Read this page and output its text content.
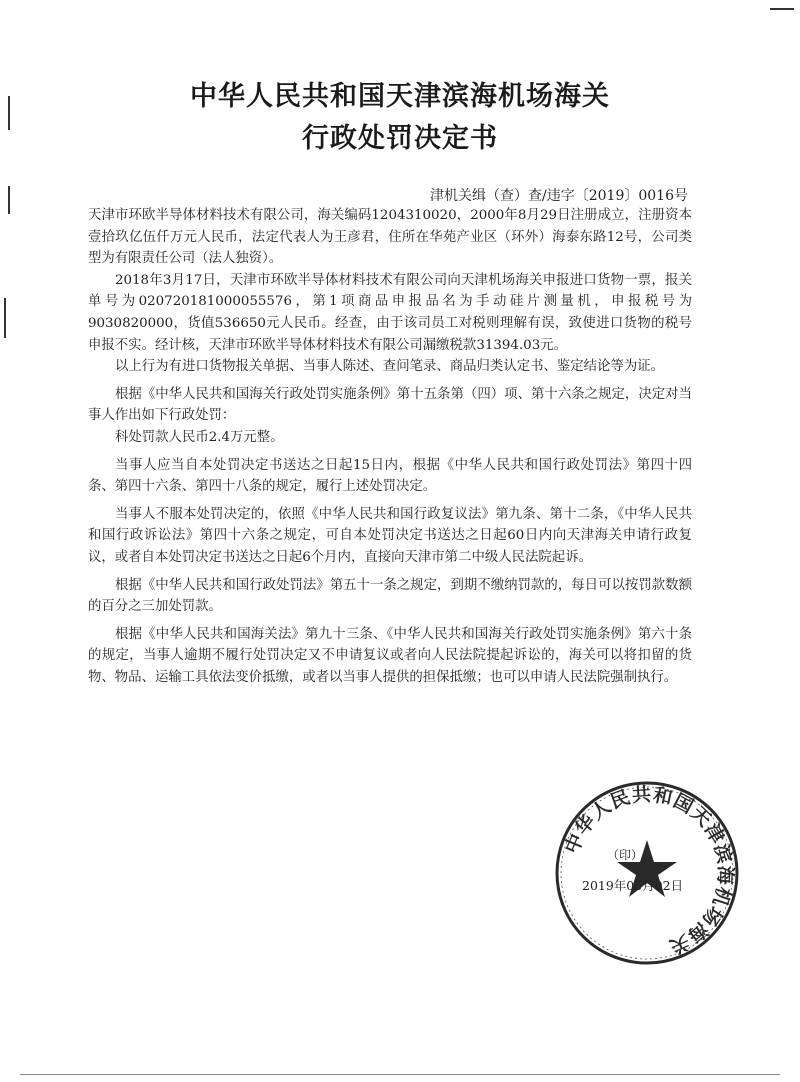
中华人民共和国天津滨海机场海关
行政处罚决定书
津机关缉（查）查/违字〔2019〕0016号

天津市环欧半导体材料技术有限公司，海关编码1204310020，2000年8月29日注册成立，注册资本壹拾玖亿伍仟万元人民币，法定代表人为王彦君，住所在华苑产业区（环外）海泰东路12号，公司类型为有限责任公司（法人独资）。

2018年3月17日，天津市环欧半导体材料技术有限公司向天津机场海关申报进口货物一票，报关单号为020720181000055576，第1项商品申报品名为手动硅片测量机，申报税号为9030820000，货值536650元人民币。经查，由于该司员工对税则理解有误，致使进口货物的税号申报不实。经计核，天津市环欧半导体材料技术有限公司漏缴税款31394.03元。

以上行为有进口货物报关单据、当事人陈述、查问笔录、商品归类认定书、鉴定结论等为证。

根据《中华人民共和国海关行政处罚实施条例》第十五条第（四）项、第十六条之规定，决定对当事人作出如下行政处罚：

科处罚款人民币2.4万元整。

当事人应当自本处罚决定书送达之日起15日内，根据《中华人民共和国行政处罚法》第四十四条、第四十六条、第四十八条的规定，履行上述处罚决定。

当事人不服本处罚决定的，依照《中华人民共和国行政复议法》第九条、第十二条，《中华人民共和国行政诉讼法》第四十六条之规定，可自本处罚决定书送达之日起60日内向天津海关申请行政复议，或者自本处罚决定书送达之日起6个月内，直接向天津市第二中级人民法院起诉。

根据《中华人民共和国行政处罚法》第五十一条之规定，到期不缴纳罚款的，每日可以按罚款数额的百分之三加处罚款。

根据《中华人民共和国海关法》第九十三条、《中华人民共和国海关行政处罚实施条例》第六十条的规定，当事人逾期不履行处罚决定又不申请复议或者向人民法院提起诉讼的，海关可以将扣留的货物、物品、运输工具依法变价抵缴，或者以当事人提供的担保抵缴；也可以申请人民法院强制执行。

中华人民共和国天津滨海机场海关
（印）
2019年05月02日
